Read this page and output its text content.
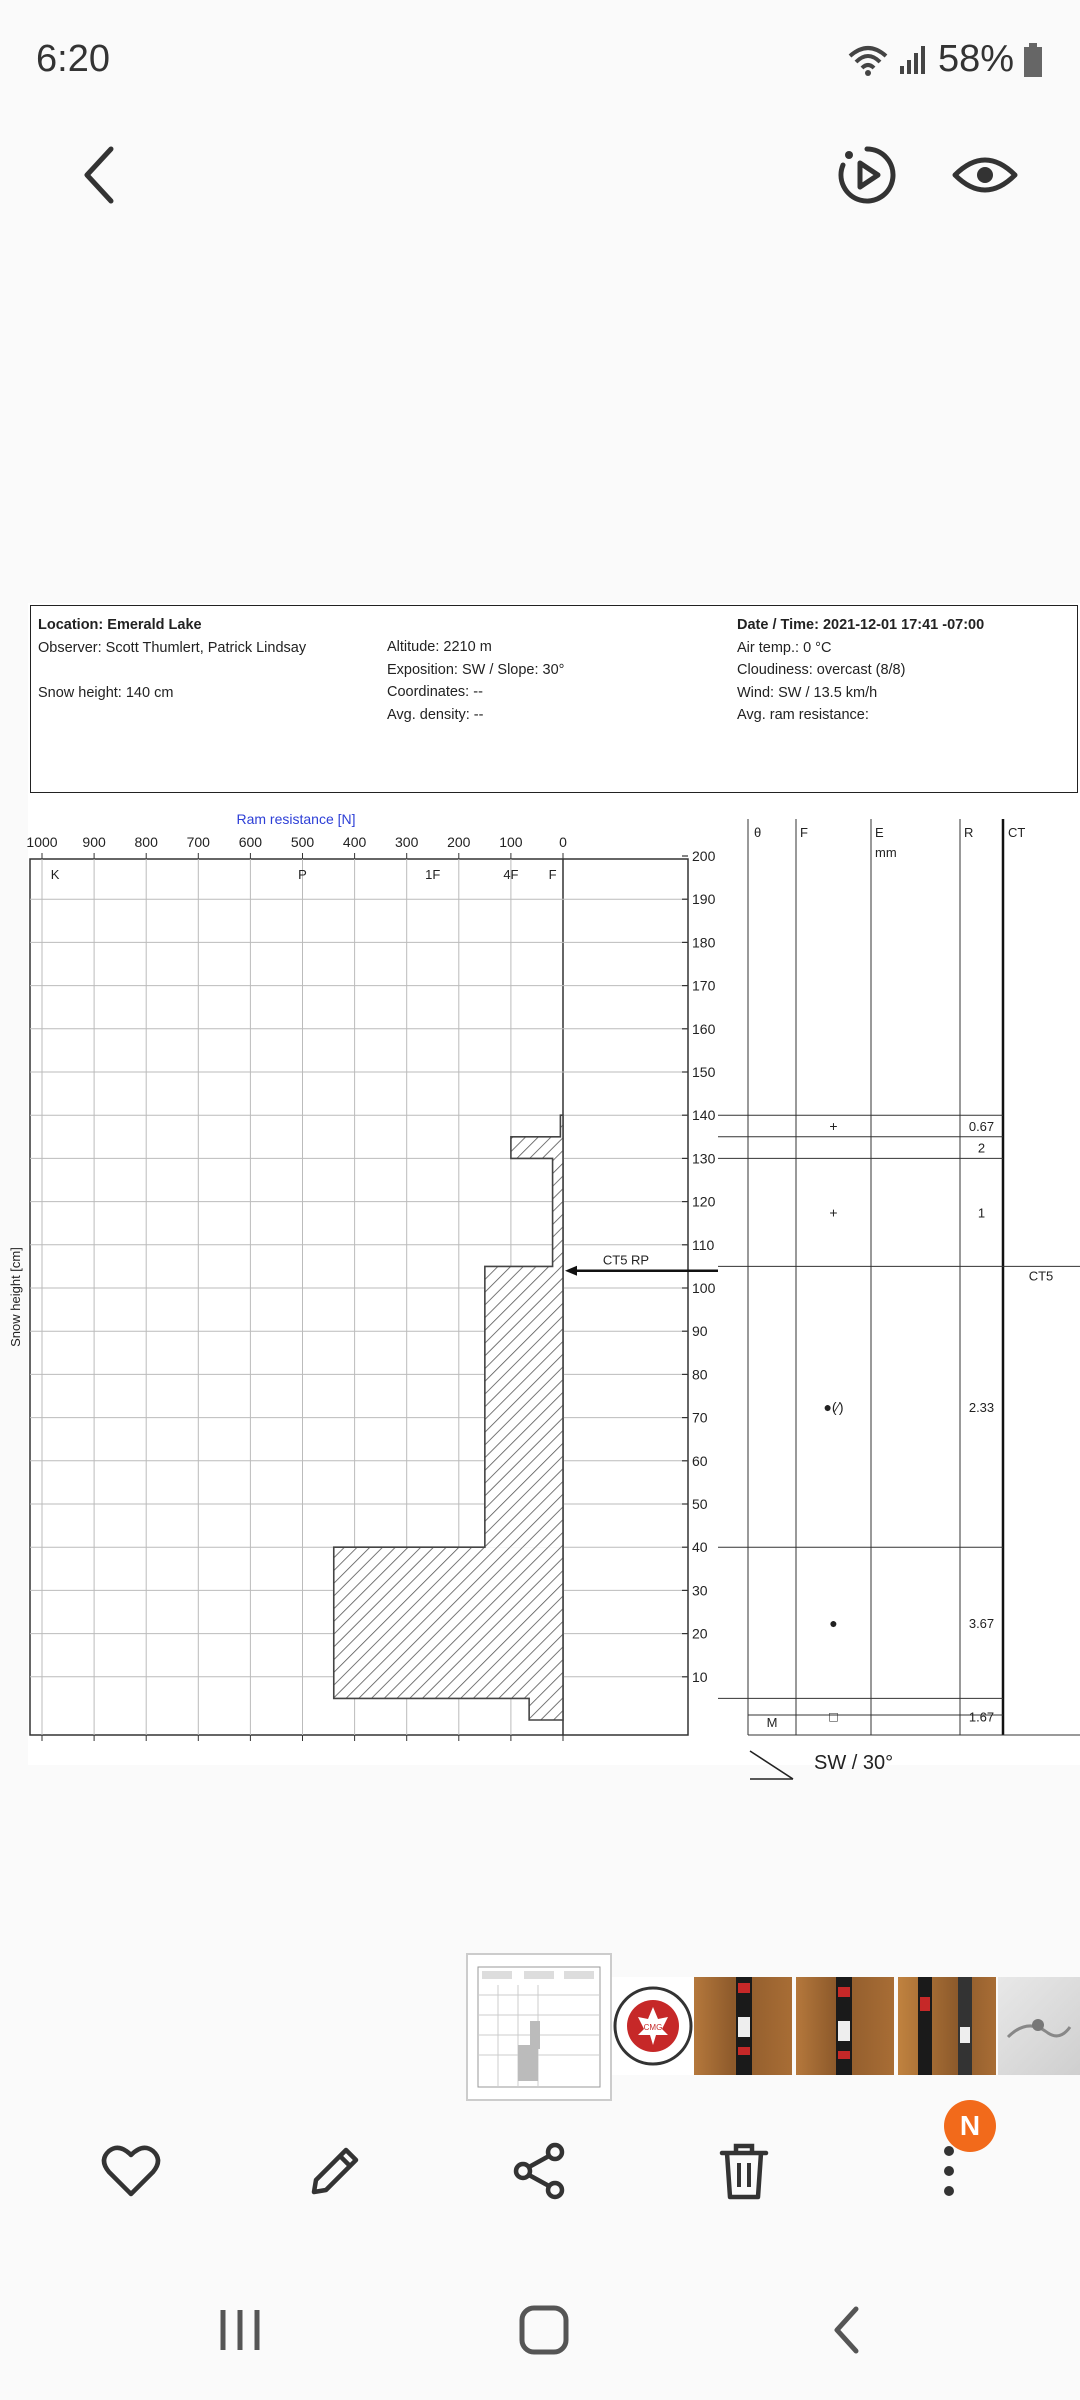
6:20	58%
Location: Emerald Lake
Observer: Scott Thumlert, Patrick Lindsay

Snow height: 140 cm
Altitude: 2210 m
Exposition: SW / Slope: 30°
Coordinates: --
Avg. density: --
Date / Time: 2021-12-01 17:41 -07:00
Air temp.: 0 °C
Cloudiness: overcast (8/8)
Wind: SW / 13.5 km/h
Avg. ram resistance:
Ram resistance [N]
Snow height [cm]
1000 900 800 700 600 500 400 300 200 100	0
200
190
180
170
160
150
140
130
120
110
100
90
80
70
60
50
40
30
20
10
K	P	1F	4F F
CT5 RP
θ	F	E	R	CT
mm
+	0.67
2
+	1
●(⁄)	2.33
CT5
●	3.67
□	1.67
M
SW / 30°
CMG
N
